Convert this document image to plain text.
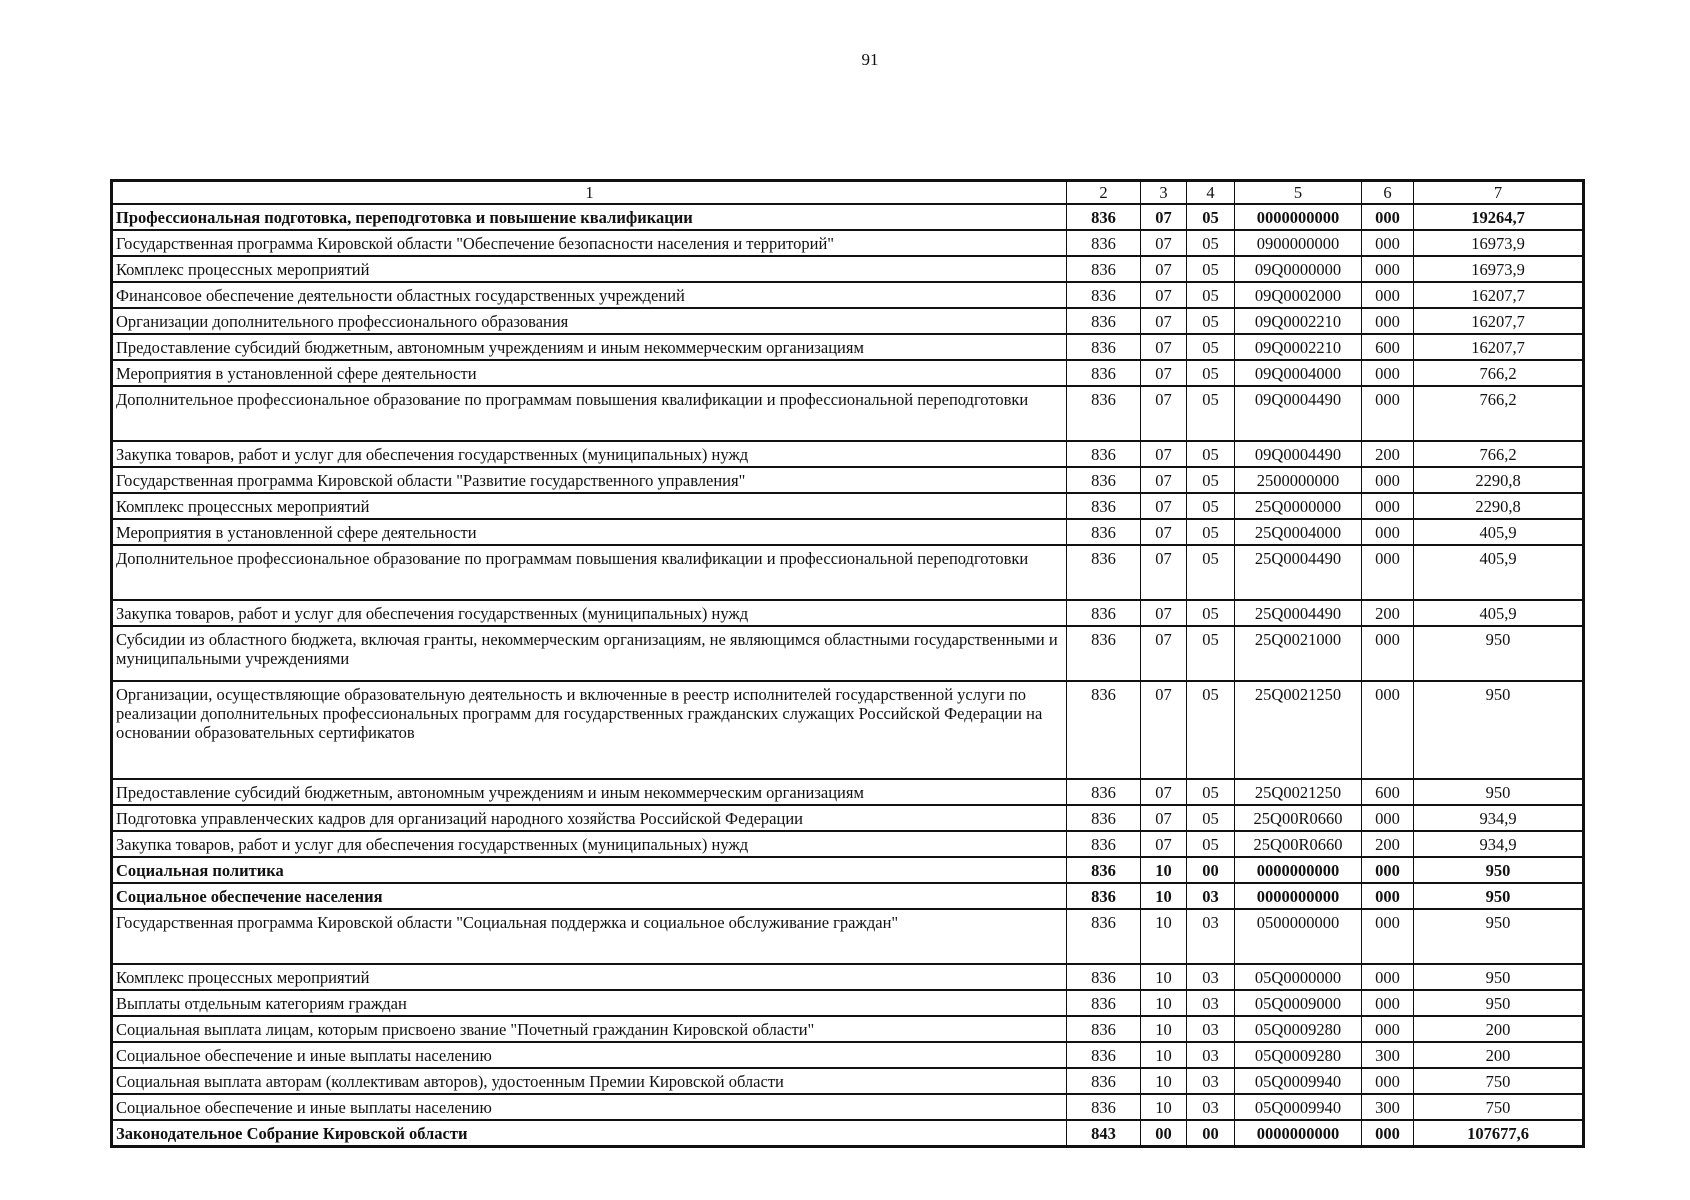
91
1	2	3	4	5	6	7
Профессиональная подготовка, переподготовка и повышение квалификации	836	07	05	0000000000	000	19264,7
Государственная программа Кировской области "Обеспечение безопасности населения и территорий"	836	07	05	0900000000	000	16973,9
Комплекс процессных мероприятий	836	07	05	09Q0000000	000	16973,9
Финансовое обеспечение деятельности областных государственных учреждений	836	07	05	09Q0002000	000	16207,7
Организации дополнительного профессионального образования	836	07	05	09Q0002210	000	16207,7
Предоставление субсидий бюджетным, автономным учреждениям и иным некоммерческим организациям	836	07	05	09Q0002210	600	16207,7
Мероприятия в установленной сфере деятельности	836	07	05	09Q0004000	000	766,2
Дополнительное профессиональное образование по программам повышения квалификации и профессиональной переподготовки	836	07	05	09Q0004490	000	766,2
Закупка товаров, работ и услуг для обеспечения государственных (муниципальных) нужд	836	07	05	09Q0004490	200	766,2
Государственная программа Кировской области "Развитие государственного управления"	836	07	05	2500000000	000	2290,8
Комплекс процессных мероприятий	836	07	05	25Q0000000	000	2290,8
Мероприятия в установленной сфере деятельности	836	07	05	25Q0004000	000	405,9
Дополнительное профессиональное образование по программам повышения квалификации и профессиональной переподготовки	836	07	05	25Q0004490	000	405,9
Закупка товаров, работ и услуг для обеспечения государственных (муниципальных) нужд	836	07	05	25Q0004490	200	405,9
Субсидии из областного бюджета, включая гранты, некоммерческим организациям, не являющимся областными государственными и муниципальными учреждениями	836	07	05	25Q0021000	000	950
Организации, осуществляющие образовательную деятельность и включенные в реестр исполнителей государственной услуги по реализации дополнительных профессиональных программ для государственных гражданских служащих Российской Федерации на основании образовательных сертификатов	836	07	05	25Q0021250	000	950
Предоставление субсидий бюджетным, автономным учреждениям и иным некоммерческим организациям	836	07	05	25Q0021250	600	950
Подготовка управленческих кадров для организаций народного хозяйства Российской Федерации	836	07	05	25Q00R0660	000	934,9
Закупка товаров, работ и услуг для обеспечения государственных (муниципальных) нужд	836	07	05	25Q00R0660	200	934,9
Социальная политика	836	10	00	0000000000	000	950
Социальное обеспечение населения	836	10	03	0000000000	000	950
Государственная программа Кировской области "Социальная поддержка и социальное обслуживание граждан"	836	10	03	0500000000	000	950
Комплекс процессных мероприятий	836	10	03	05Q0000000	000	950
Выплаты отдельным категориям граждан	836	10	03	05Q0009000	000	950
Социальная выплата лицам, которым присвоено звание "Почетный гражданин Кировской области"	836	10	03	05Q0009280	000	200
Социальное обеспечение и иные выплаты населению	836	10	03	05Q0009280	300	200
Социальная выплата авторам (коллективам авторов), удостоенным Премии Кировской области	836	10	03	05Q0009940	000	750
Социальное обеспечение и иные выплаты населению	836	10	03	05Q0009940	300	750
Законодательное Собрание Кировской области	843	00	00	0000000000	000	107677,6
